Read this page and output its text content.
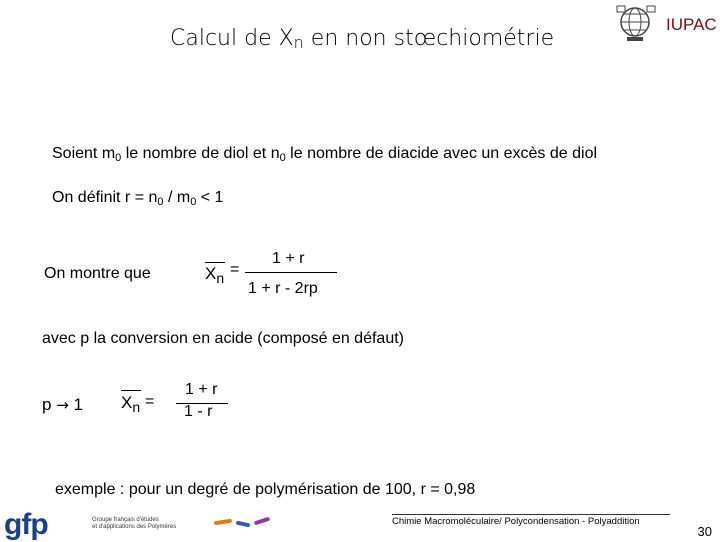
Calcul de $X_n$ en non stœchiométrie
IUPAC
Soient $m_0$ le nombre de diol et $n_0$ le nombre de diacide avec un excès de diol
On définit $r = n_0 / m_0 < 1$
On montre que	$X_n$ =
1 + r
1 + r - 2rp
avec p la conversion en acide (composé en défaut)
p → 1 $X_n$ =
1 + r
1 - r
exemple : pour un degré de polymérisation de 100, r = 0,98
gfp	Groupe français d'études
et d'applications des Polymères	Chimie Macromoléculaire/ Polycondensation - Polyaddition
30
